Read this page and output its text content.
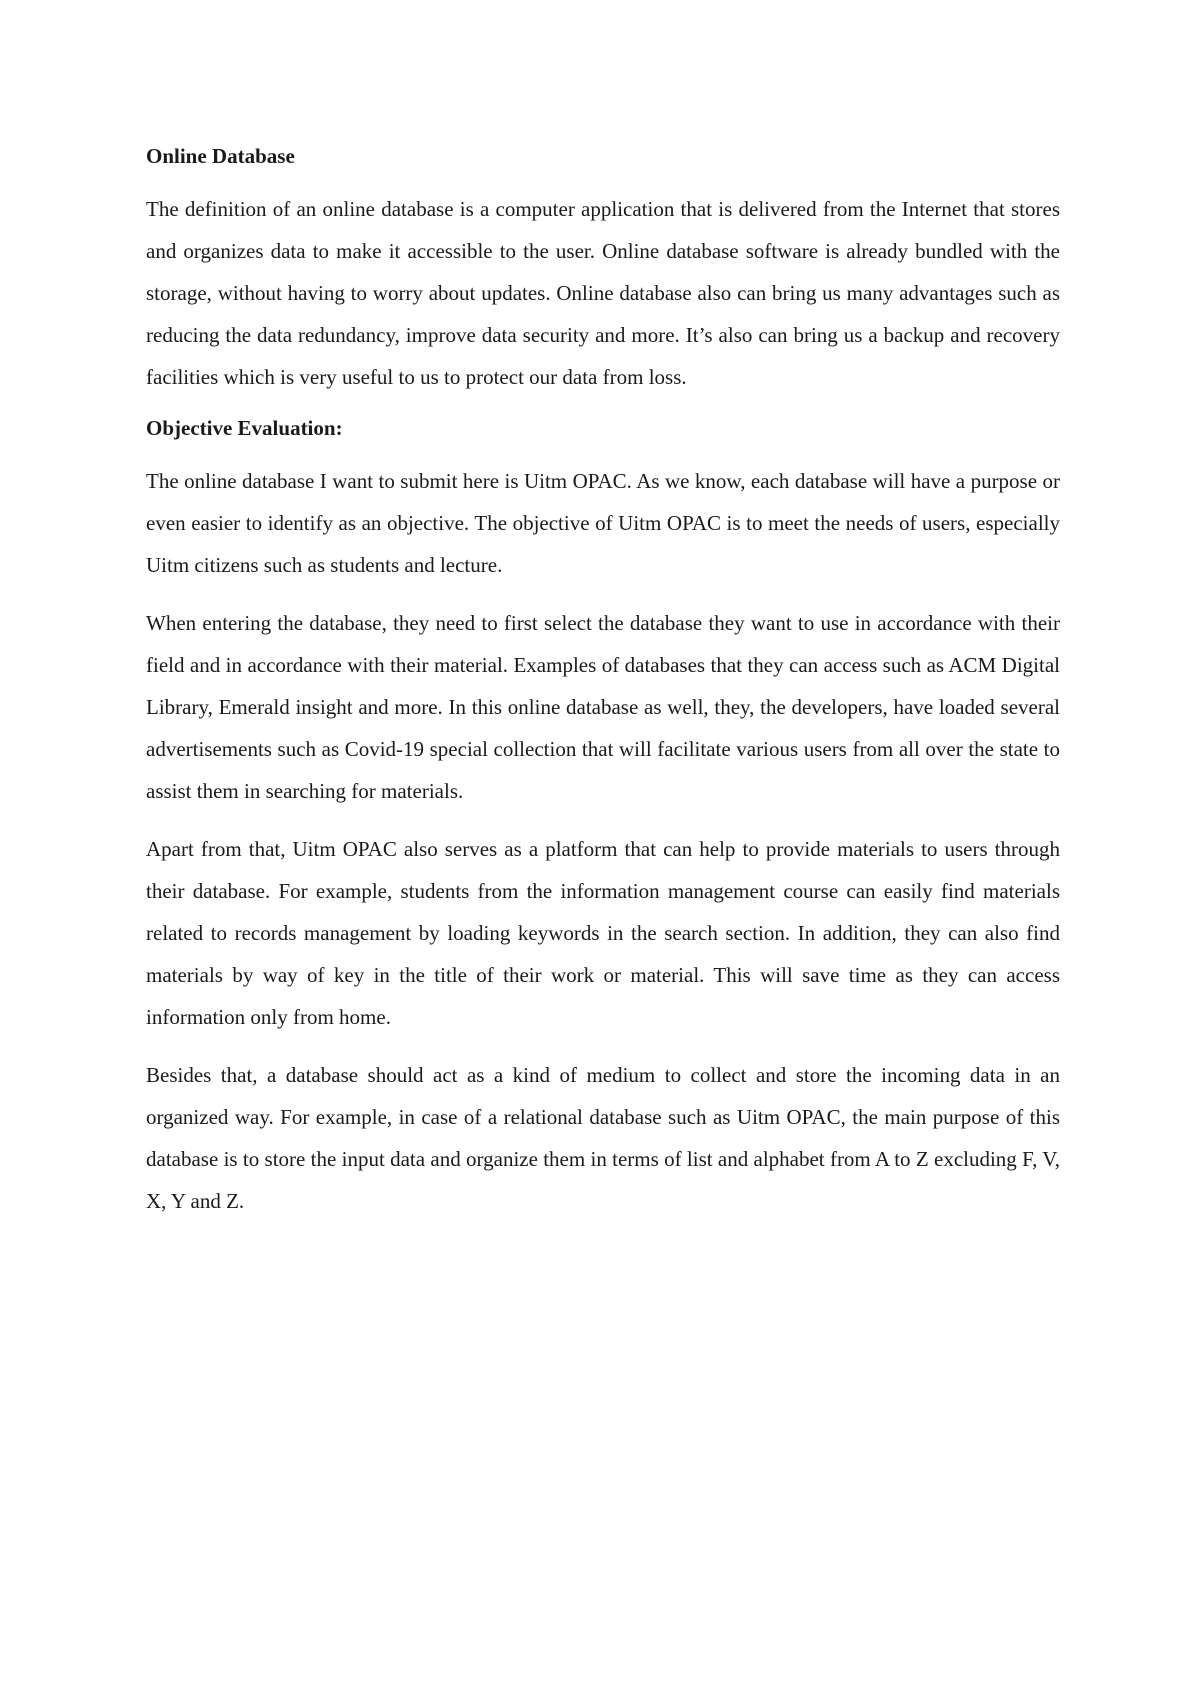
Online Database

The definition of an online database is a computer application that is delivered from the Internet that stores and organizes data to make it accessible to the user. Online database software is already bundled with the storage, without having to worry about updates. Online database also can bring us many advantages such as reducing the data redundancy, improve data security and more. It’s also can bring us a backup and recovery facilities which is very useful to us to protect our data from loss.

Objective Evaluation:

The online database I want to submit here is Uitm OPAC. As we know, each database will have a purpose or even easier to identify as an objective. The objective of Uitm OPAC is to meet the needs of users, especially Uitm citizens such as students and lecture.

When entering the database, they need to first select the database they want to use in accordance with their field and in accordance with their material. Examples of databases that they can access such as ACM Digital Library, Emerald insight and more. In this online database as well, they, the developers, have loaded several advertisements such as Covid-19 special collection that will facilitate various users from all over the state to assist them in searching for materials.

Apart from that, Uitm OPAC also serves as a platform that can help to provide materials to users through their database. For example, students from the information management course can easily find materials related to records management by loading keywords in the search section. In addition, they can also find materials by way of key in the title of their work or material. This will save time as they can access information only from home.

Besides that, a database should act as a kind of medium to collect and store the incoming data in an organized way. For example, in case of a relational database such as Uitm OPAC, the main purpose of this database is to store the input data and organize them in terms of list and alphabet from A to Z excluding F, V, X, Y and Z.
